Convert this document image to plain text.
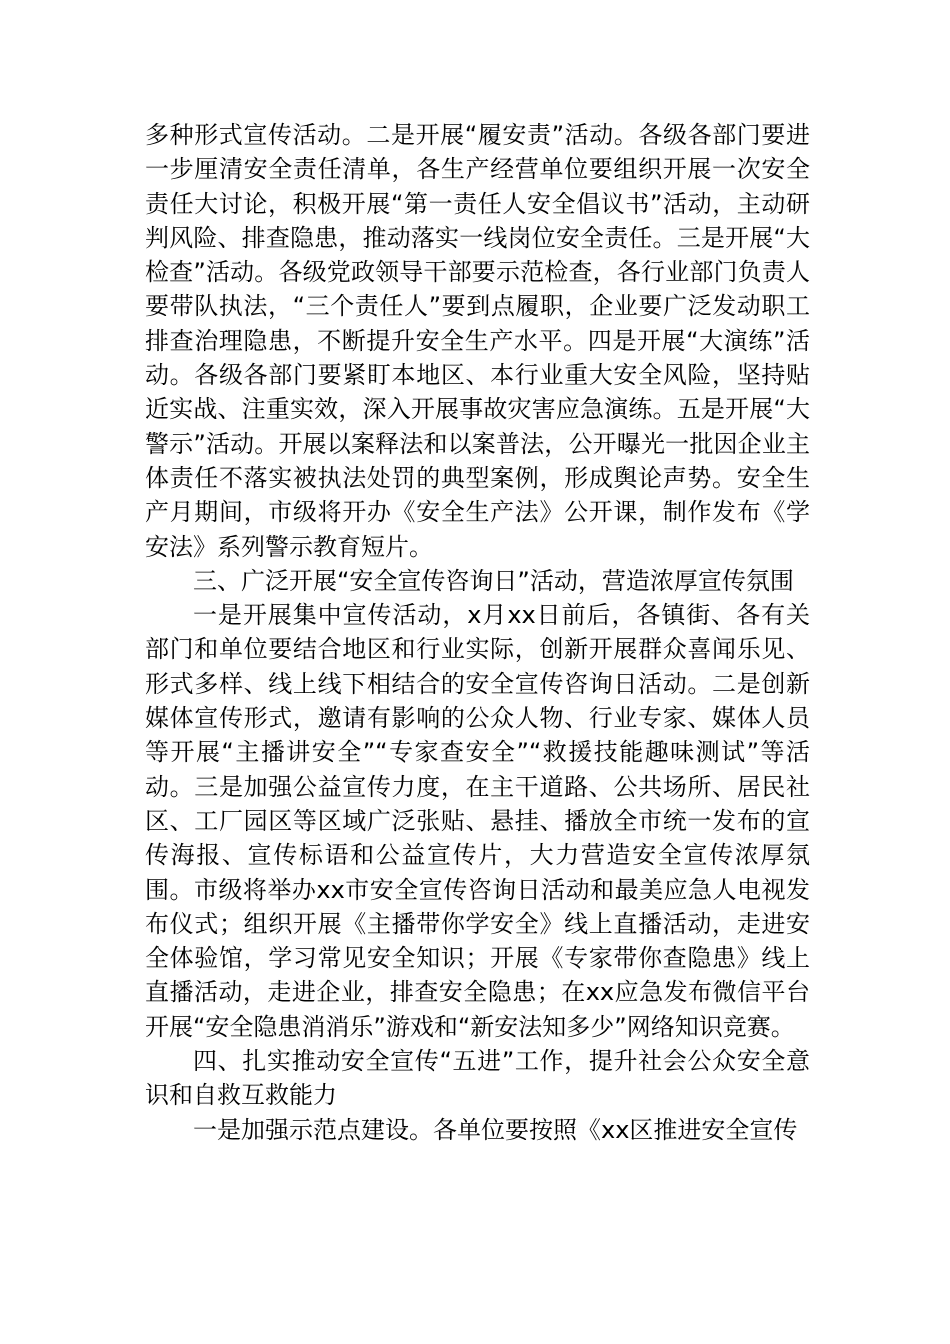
多种形式宣传活动。二是开展“履安责”活动。各级各部门要进一步厘清安全责任清单，各生产经营单位要组织开展一次安全责任大讨论，积极开展“第一责任人安全倡议书”活动，主动研判风险、排查隐患，推动落实一线岗位安全责任。三是开展“大检查”活动。各级党政领导干部要示范检查，各行业部门负责人要带队执法，“三个责任人”要到点履职，企业要广泛发动职工排查治理隐患，不断提升安全生产水平。四是开展“大演练”活动。各级各部门要紧盯本地区、本行业重大安全风险，坚持贴近实战、注重实效，深入开展事故灾害应急演练。五是开展“大警示”活动。开展以案释法和以案普法，公开曝光一批因企业主体责任不落实被执法处罚的典型案例，形成舆论声势。安全生产月期间，市级将开办《安全生产法》公开课，制作发布《学安法》系列警示教育短片。

三、广泛开展“安全宣传咨询日”活动，营造浓厚宣传氛围

一是开展集中宣传活动，x月xx日前后，各镇街、各有关部门和单位要结合地区和行业实际，创新开展群众喜闻乐见、形式多样、线上线下相结合的安全宣传咨询日活动。二是创新媒体宣传形式，邀请有影响的公众人物、行业专家、媒体人员等开展“主播讲安全”“专家查安全”“救援技能趣味测试”等活动。三是加强公益宣传力度，在主干道路、公共场所、居民社区、工厂园区等区域广泛张贴、悬挂、播放全市统一发布的宣传海报、宣传标语和公益宣传片，大力营造安全宣传浓厚氛围。市级将举办xx市安全宣传咨询日活动和最美应急人电视发布仪式；组织开展《主播带你学安全》线上直播活动，走进安全体验馆，学习常见安全知识；开展《专家带你查隐患》线上直播活动，走进企业，排查安全隐患；在xx应急发布微信平台开展“安全隐患消消乐”游戏和“新安法知多少”网络知识竞赛。

四、扎实推动安全宣传“五进”工作，提升社会公众安全意识和自救互救能力

一是加强示范点建设。各单位要按照《xx区推进安全宣传
